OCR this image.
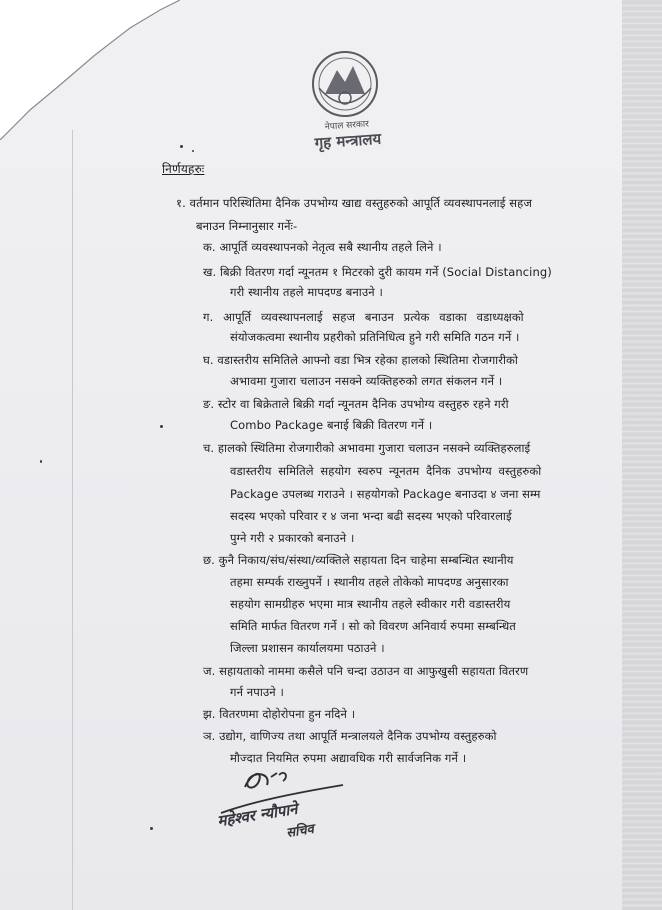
नेपाल सरकार
गृह मन्त्रालय
निर्णयहरुः
१. वर्तमान परिस्थितिमा दैनिक उपभोग्य खाद्य वस्तुहरुको आपूर्ति व्यवस्थापनलाई सहज
बनाउन निम्नानुसार गर्नेः-
क. आपूर्ति व्यवस्थापनको नेतृत्व सबै स्थानीय तहले लिने ।
ख. बिक्री वितरण गर्दा न्यूनतम १ मिटरको दुरी कायम गर्ने (Social Distancing)
गरी स्थानीय तहले मापदण्ड बनाउने ।
ग. आपूर्ति व्यवस्थापनलाई सहज बनाउन प्रत्येक वडाका वडाध्यक्षको
संयोजकत्वमा स्थानीय प्रहरीको प्रतिनिधित्व हुने गरी समिति गठन गर्ने ।
घ. वडास्तरीय समितिले आफ्नो वडा भित्र रहेका हालको स्थितिमा रोजगारीको
अभावमा गुजारा चलाउन नसक्ने व्यक्तिहरुको लगत संकलन गर्ने ।
ङ. स्टोर वा बिक्रेताले बिक्री गर्दा न्यूनतम दैनिक उपभोग्य वस्तुहरु रहने गरी
Combo Package बनाई बिक्री वितरण गर्ने ।
च. हालको स्थितिमा रोजगारीको अभावमा गुजारा चलाउन नसक्ने व्यक्तिहरुलाई
वडास्तरीय समितिले सहयोग स्वरुप न्यूनतम दैनिक उपभोग्य वस्तुहरुको
Package उपलब्ध गराउने । सहयोगको Package बनाउदा ४ जना सम्म
सदस्य भएको परिवार र ४ जना भन्दा बढी सदस्य भएको परिवारलाई
पुग्ने गरी २ प्रकारको बनाउने ।
छ. कुनै निकाय/संघ/संस्था/व्यक्तिले सहायता दिन चाहेमा सम्बन्धित स्थानीय
तहमा सम्पर्क राख्नुपर्ने । स्थानीय तहले तोकेको मापदण्ड अनुसारका
सहयोग सामग्रीहरु भएमा मात्र स्थानीय तहले स्वीकार गरी वडास्तरीय
समिति मार्फत वितरण गर्ने । सो को विवरण अनिवार्य रुपमा सम्बन्धित
जिल्ला प्रशासन कार्यालयमा पठाउने ।
ज. सहायताको नाममा कसैले पनि चन्दा उठाउन वा आफुखुसी सहायता वितरण
गर्न नपाउने ।
झ. वितरणमा दोहोरोपना हुन नदिने ।
ञ. उद्योग, वाणिज्य तथा आपूर्ति मन्त्रालयले दैनिक उपभोग्य वस्तुहरुको
मौज्दात नियमित रुपमा अद्यावधिक गरी सार्वजनिक गर्ने ।
महेश्वर न्यौपाने
सचिव
